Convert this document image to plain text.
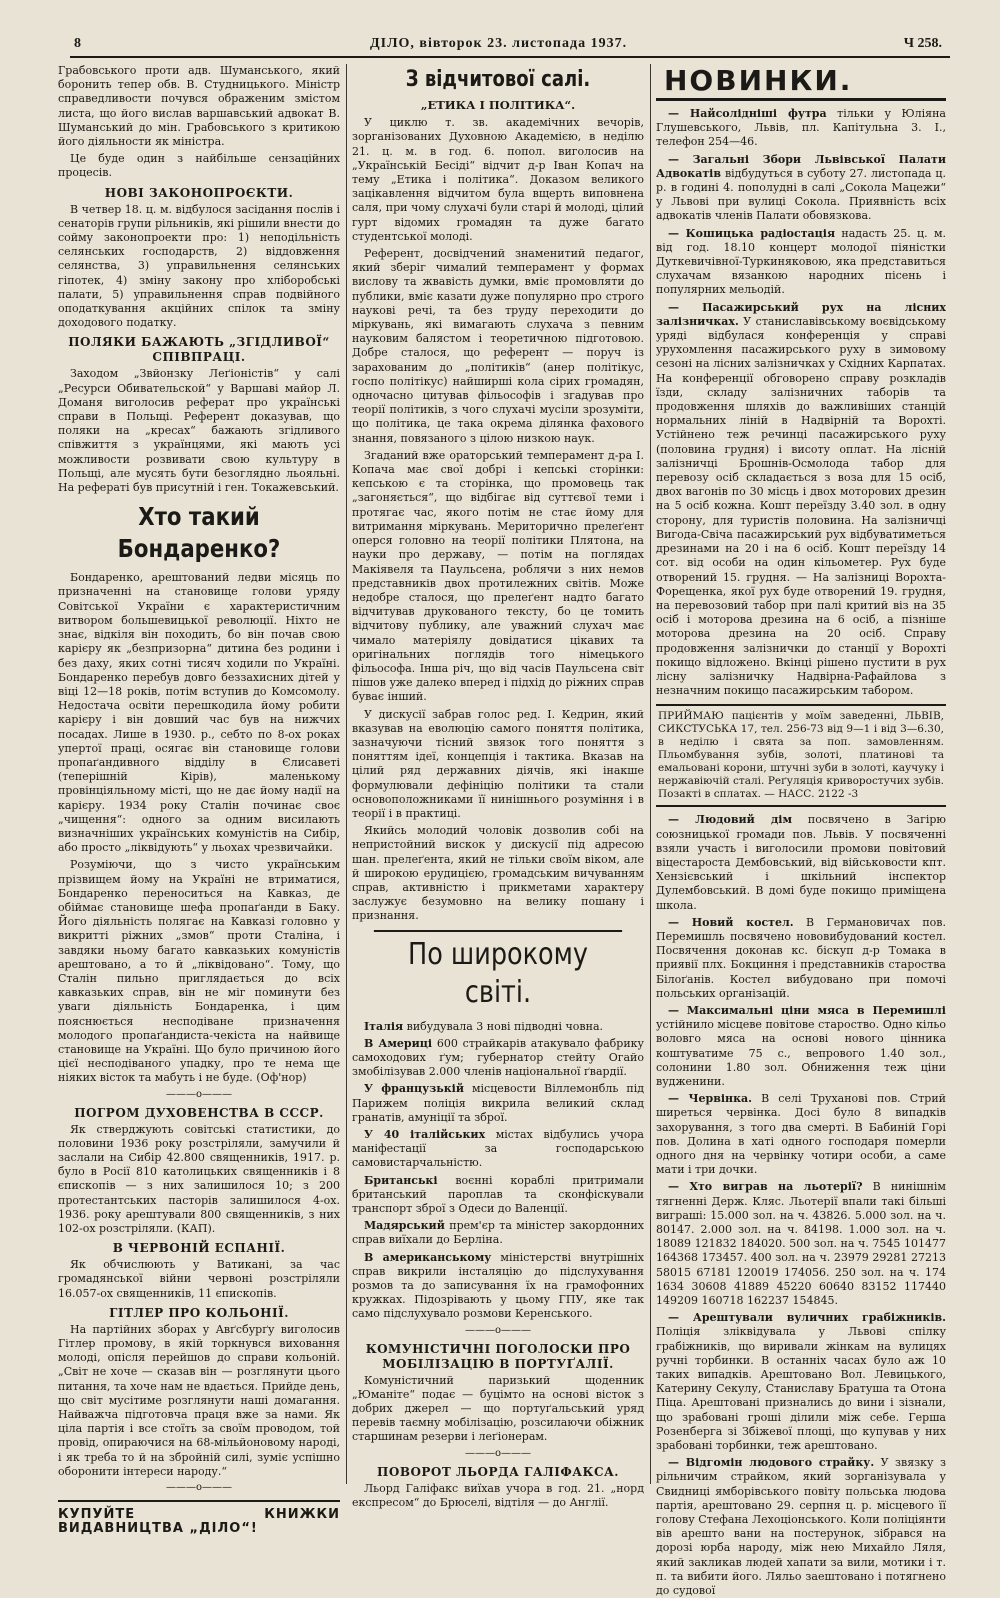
8	ДІЛО, вівторок 23. листопада 1937.	Ч 258.

Грабовського проти адв. Шуманського, який боронить тепер обв. В. Студницького. Міністр справедливости почувся ображеним змістом листа, що його вислав варшавський адвокат В. Шуманський до мін. Грабовського з критикою його діяльности як міністра.

Це буде один з найбільше сензаційних процесів.

НОВІ ЗАКОНОПРОЄКТИ.

В четвер 18. ц. м. відбулося засідання послів і сенаторів групи рільників, які рішили внести до сойму законопроекти про: 1) неподільність селянських господарств, 2) віддовження селянства, 3) управильнення селянських гіпотек, 4) зміну закону про хліборобські палати, 5) управильнення справ подвійного оподаткування акційних спілок та зміну доходового податку.

ПОЛЯКИ БАЖАЮТЬ „ЗГІДЛИВОЇ“ СПІВПРАЦІ.

Заходом „Звйонзку Леґіоністів“ у салі „Ресурси Обивательской“ у Варшаві майор Л. Доманя виголосив реферат про українські справи в Польщі. Референт доказував, що поляки на „кресах“ бажають згідливого співжиття з українцями, які мають усі можливости розвивати свою культуру в Польщі, але мусять бути безоглядно льояльні. На рефераті був присутній і ген. Токажевський.

Хто такий Бондаренко?

Бондаренко, арештований ледви місяць по призначенні на становище голови уряду Совітської України є характеристичним витвором большевицької революції. Ніхто не знає, відкіля він походить, бо він почав свою карієру як „безпризорна“ дитина без родини і без даху, яких сотні тисяч ходили по Україні. Бондаренко перебув довго беззахисних дітей у віці 12—18 років, потім вступив до Комсомолу. Недостача освіти перешкодила йому робити карієру і він довший час був на нижчих посадах. Лише в 1930. р., себто по 8-ох роках упертої праці, осягає він становище голови пропаґандивного відділу в Єлисаветі (теперішній Кірів), маленькому провінціяльному місті, що не дає йому надії на карієру. 1934 року Сталін починає своє „чищення“: одного за одним висилають визначніших українських комуністів на Сибір, або просто „ліквідують“ у льохах чрезвичайки.

Розуміючи, що з чисто українським прізвищем йому на Україні не втриматися, Бондаренко переноситься на Кавказ, де обіймає становище шефа пропаґанди в Баку. Його діяльність полягає на Кавказі головно у викритті ріжних „змов“ проти Сталіна, і завдяки ньому багато кавказьких комуністів арештовано, а то й „ліквідовано“. Тому, що Сталін пильно приглядається до всіх кавказьких справ, він не міг поминути без уваги діяльність Бондаренка, і цим пояснюється несподіване призначення молодого пропаґандиста-чекіста на найвище становище на Україні. Що було причиною його цієї несподіваного упадку, про те нема ще ніяких вісток та мабуть і не буде. (Оф'нор)

———o———
ПОГРОМ ДУХОВЕНСТВА В СССР.

Як стверджують совітські статистики, до половини 1936 року розстріляли, замучили й заслали на Сибір 42.800 священників, 1917. р. було в Росії 810 католицьких священників і 8 єпископів — з них залишилося 10; з 200 протестантських пасторів залишилося 4-ох. 1936. року арештували 800 священників, з них 102-ох розстріляли. (КАП).

В ЧЕРВОНІЙ ЕСПАНІЇ.

Як обчислюють у Ватикані, за час громадянської війни червоні розстріляли 16.057-ох священників, 11 єпископів.

ГІТЛЕР ПРО КОЛЬОНІЇ.

На партійних зборах у Авґсбурґу виголосив Гітлер промову, в якій торкнувся виховання молоді, опісля перейшов до справи кольоній. „Світ не хоче — сказав він — розглянути цього питання, та хоче нам не вдається. Прийде день, що світ мусітиме розглянути наші домагання. Найважча підготовча праця вже за нами. Як ціла партія і все стоїть за своїм проводом, той провід, опираючися на 68-мільйоновому народі, і як треба то й на збройній силі, зуміє успішно оборонити інтереси народу.“

———o———
КУПУЙТЕ КНИЖКИ ВИДАВНИЦТВА „ДІЛО“!
З відчитової салі.
„ЕТИКА І ПОЛІТИКА“.

У циклю т. зв. академічних вечорів, зорганізованих Духовною Академією, в неділю 21. ц. м. в год. 6. попол. виголосив на „Українській Бесіді“ відчит д-р Іван Копач на тему „Етика і політика“. Доказом великого зацікавлення відчитом була вщерть виповнена саля, при чому слухачі були старі й молоді, цілий гурт відомих громадян та дуже багато студентської молоді.

Референт, досвідчений знаменитий педагог, який зберіг чималий темперамент у формах вислову та жвавість думки, вміє промовляти до публики, вміє казати дуже популярно про строго наукові речі, та без труду переходити до міркувань, які вимагають слухача з певним науковим балястом і теоретичною підготовою. Добре сталося, що референт — поруч із зарахованим до „політиків“ (анер політікус, госпо політікус) найширші кола сірих громадян, одночасно цитував фільософів і згадував про теорії політиків, з чого слухачі мусіли зрозуміти, що політика, це така окрема ділянка фахового знання, повязаного з цілою низкою наук.

Згаданий вже ораторський темперамент д-ра І. Копача має свої добрі і кепські сторінки: кепською є та сторінка, що промовець так „загоняється“, що відбігає від суттєвої теми і протягає час, якого потім не стає йому для витримання міркувань. Мериторично прелеґент оперся головно на теорії політики Плятона, на науки про державу, — потім на поглядах Макіявеля та Паульсена, роблячи з них немов представників двох протилежних світів. Може недобре сталося, що прелеґент надто багато відчитував друкованого тексту, бо це томить відчитову публику, але уважний слухач має чимало матеріялу довідатися цікавих та оригінальних поглядів того німецького фільософа. Інша річ, що від часів Паульсена світ пішов уже далеко вперед і підхід до ріжних справ буває інший.

У дискусії забрав голос ред. І. Кедрин, який вказував на еволюцію самого поняття політика, зазначуючи тісний звязок того поняття з поняттям ідеї, концепція і тактика. Вказав на цілий ряд державних діячів, які інакше формулювали дефініцію політики та стали основоположниками її нинішнього розуміння і в теорії і в практиці.

Якийсь молодий чоловік дозволив собі на неприcтойний вискок у дискусії під адресою шан. прелеґента, який не тільки своїм віком, але й широкою ерудицією, громадським вичуванням справ, активністю і прикметами характеру заслужує безумовно на велику пошану і признання.

По широкому світі.

Італія вибудувала 3 нові підводні човна.

В Америці 600 страйкарів атакувало фабрику самоходових ґум; губернатор стейту Огайо змобілізував 2.000 членів національної ґвардії.

У французькій місцевости Віллемонбль під Парижем поліція викрила великий склад гранатів, амуніції та зброї.

У 40 італійських містах відбулись учора маніфестації за господарською самовистарчальністю.

Британські воєнні кораблі притримали британський пароплав та сконфіскували транспорт зброї з Одеси до Валенції.

Мадярський прем'єр та міністер закордонних справ виїхали до Берліна.

В американському міністерстві внутрішніх справ викрили інсталяцію до підслухування розмов та до записування їх на грамофонних кружках. Підозрівають у цьому ГПУ, яке так само підслухувало розмови Керенського.

———o———
КОМУНІСТИЧНІ ПОГОЛОСКИ ПРО МОБІЛІЗАЦІЮ В ПОРТУҐАЛІЇ.

Комуністичний паризький щоденник „Юманіте“ подає — буцімто на основі вісток з добрих джерел — що портуґальський уряд перевів таємну мобілізацію, розсилаючи обіжник старшинам резерви і леґіонерам.

———o———
ПОВОРОТ ЛЬОРДА ГАЛІФАКСА.

Льорд Галіфакс виїхав учора в год. 21. „норд експресом“ до Брюселі, відтіля — до Англії.

НОВИНКИ.

— Найсолідніші футра тільки у Юліяна Глушевського, Львів, пл. Капітульна 3. І., телефон 254—46.

— Загальні Збори Львівської Палати Адвокатів відбудуться в суботу 27. листопада ц. р. в годині 4. пополудні в салі „Сокола Мацежи“ у Львові при вулиці Сокола. Приявність всіх адвокатів членів Палати обовязкова.

— Кошицька радіостація надасть 25. ц. м. від год. 18.10 концерт молодої піяністки Дуткевичівної-Туркиняковою, яка представиться слухачам вязанкою народних пісень і популярних мельодій.

— Пасажирський рух на лісних залізничках. У станиславівському воєвідському уряді відбулася конференція у справі урухомлення пасажирського руху в зимовому сезоні на лісних залізничках у Східних Карпатах. На конференції обговорено справу розкладів їзди, складу залізничних таборів та продовження шляхів до важливіших станцій нормальних ліній в Надвірній та Ворохті. Устійнено теж речинці пасажирського руху (половина грудня) і висоту оплат. На лісній залізничці Брошнів-Осмолода табор для перевозу осіб складається з воза для 15 осіб, двох вагонів по 30 місць і двох моторових дрезин на 5 осіб кожна. Кошт переїзду 3.40 зол. в одну сторону, для туристів половина. На залізничці Вигода-Свіча пасажирський рух відбуватиметься дрезинами на 20 і на 6 осіб. Кошт переїзду 14 сот. від особи на один кільометер. Рух буде отворений 15. грудня. — На залізниці Ворохта-Форещенка, якої рух буде отворений 19. грудня, на перевозовий табор при палі критий віз на 35 осіб і моторова дрезина на 6 осіб, а пізніше моторова дрезина на 20 осіб. Справу продовження залізнички до станції у Ворохті покищо відложено. Вкінці рішено пустити в рух лісну залізничку Надвірна-Рафайлова з незначним покищо пасажирським табором.

ПРИЙМАЮ пацієнтів у моїм заведенні, ЛЬВІВ, СИКСТУСЬКА 17, тел. 256-73 від 9—1 і від 3—6.30, в неділю і свята за поп. замовленням. Пльомбування зубів, золоті, платинові та емальовані корони, штучні зуби в золоті, каучуку і нержавіючій сталі. Реґуляція криворостучих зубів. Позакті в сплатах. — НАСС. 2122 -3

— Людовий дім посвячено в Загірю союзницької громади пов. Львів. У посвяченні взяли участь і виголосили промови повітовий віцестароста Дембовський, від військовости кпт. Хензієвський і шкільний інспектор Дулембовський. В домі буде покищо приміщена школа.

— Новий костел. В Германовичах пов. Перемишль посвячено нововибудований костел. Посвячення доконав кс. біскуп д-р Томака в приявії плх. Бокциння і представників староства Білоґанів. Костел вибудовано при помочі польських організацій.

— Максимальні ціни мяса в Перемишлі устійнило місцеве повітове староство. Одно кільо воловго мяса на основі нового цінника коштуватиме 75 с., вепрового 1.40 зол., солонини 1.80 зол. Обниження теж ціни вудженини.

— Червінка. В селі Труханові пов. Стрий ширеться червінка. Досі було 8 випадків захорування, з того два смерті. В Бабиній Горі пов. Долина в хаті одного господаря померли одного дня на червінку чотири особи, а саме мати і три дочки.

— Хто виграв на льотерії? В нинішнім тягненні Держ. Кляс. Льотерії впали такі більші виграші: 15.000 зол. на ч. 43826. 5.000 зол. на ч. 80147. 2.000 зол. на ч. 84198. 1.000 зол. на ч. 18089 121832 184020. 500 зол. на ч. 7545 101477 164368 173457. 400 зол. на ч. 23979 29281 27213 58015 67181 120019 174056. 250 зол. на ч. 174 1634 30608 41889 45220 60640 83152 117440 149209 160718 162237 154845.

— Арештували вуличних грабіжників. Поліція зліквідувала у Львові спілку грабіжників, що виривали жінкам на вулицях ручні торбинки. В останніх часах було аж 10 таких випадків. Арештовано Вол. Левицького, Катерину Секулу, Станиславу Братуша та Отона Піца. Арештовані признались до вини і зізнали, що зрабовані гроші ділили між себе. Герша Розенберга зі Збіжевої площі, що купував у них зрабовані торбинки, теж арештовано.

— Відгомін людового страйку. У звязку з рільничим страйком, який зорганізувала у Свидниці ямборівського повіту польська людова партія, арештовано 29. серпня ц. р. місцевого її голову Стефана Лехоціонського. Коли поліціянти вів арешто вани на постерунок, зібрався на дорозі юрба народу, між нею Михайло Ляля, який закликав людей хапати за вили, мотики і т. п. та вибити його. Ляльо заештовано і потягнено до судової
